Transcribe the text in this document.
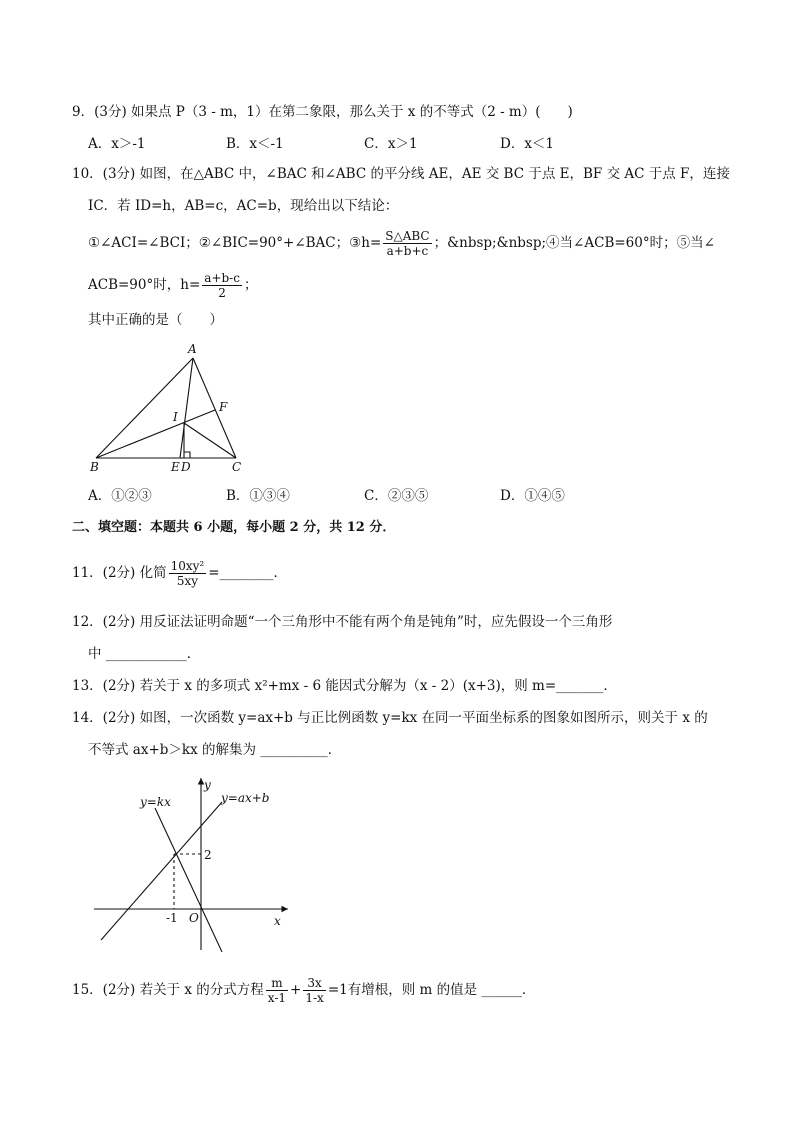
9．(3分) 如果点 P（3 - m，1）在第二象限，那么关于 x 的不等式（2 - m）(　　)
A．x＞-1	B．x＜-1	C．x＞1	D．x＜1
10．(3分) 如图，在△ABC 中，∠BAC 和∠ABC 的平分线 AE，AE 交 BC 于点 E，BF 交 AC 于点 F，连接
IC．若 ID=h，AB=c，AC=b，现给出以下结论：
①∠ACI=∠BCI；②∠BIC=90°+∠BAC；③h= $\frac{\text{S△ABC}}{a+b+c}$ ；&nbsp;&nbsp;④当∠ACB=60°时；⑤当∠
ACB=90°时，$h= \frac{a+b-c}{2}$ ；
其中正确的是（　　）
A
B	C
E D
F
I
A．①②③	B．①③④	C．②③⑤	D．①④⑤
二、填空题：本题共 6 小题，每小题 2 分，共 12 分．
11．(2分) 化简 $\frac{\text{10xy²}}{5xy}$ =________．
12．(2分) 用反证法证明命题“一个三角形中不能有两个角是钝角”时，应先假设一个三角形
中 ____________．
13．(2分) 若关于 x 的多项式 x²+mx - 6 能因式分解为（x - 2）(x+3)，则 m=_______．
14．(2分) 如图，一次函数 y=ax+b 与正比例函数 y=kx 在同一平面坐标系的图象如图所示，则关于 x 的
不等式 ax+b＞kx 的解集为 __________．
y=kx	y=ax+b
y
x
O
-1
2
15．(2分) 若关于 x 的分式方程 $\frac{m}{x-1} + \frac{3x}{1-x} =1$有增根，则 m 的值是 ______．
